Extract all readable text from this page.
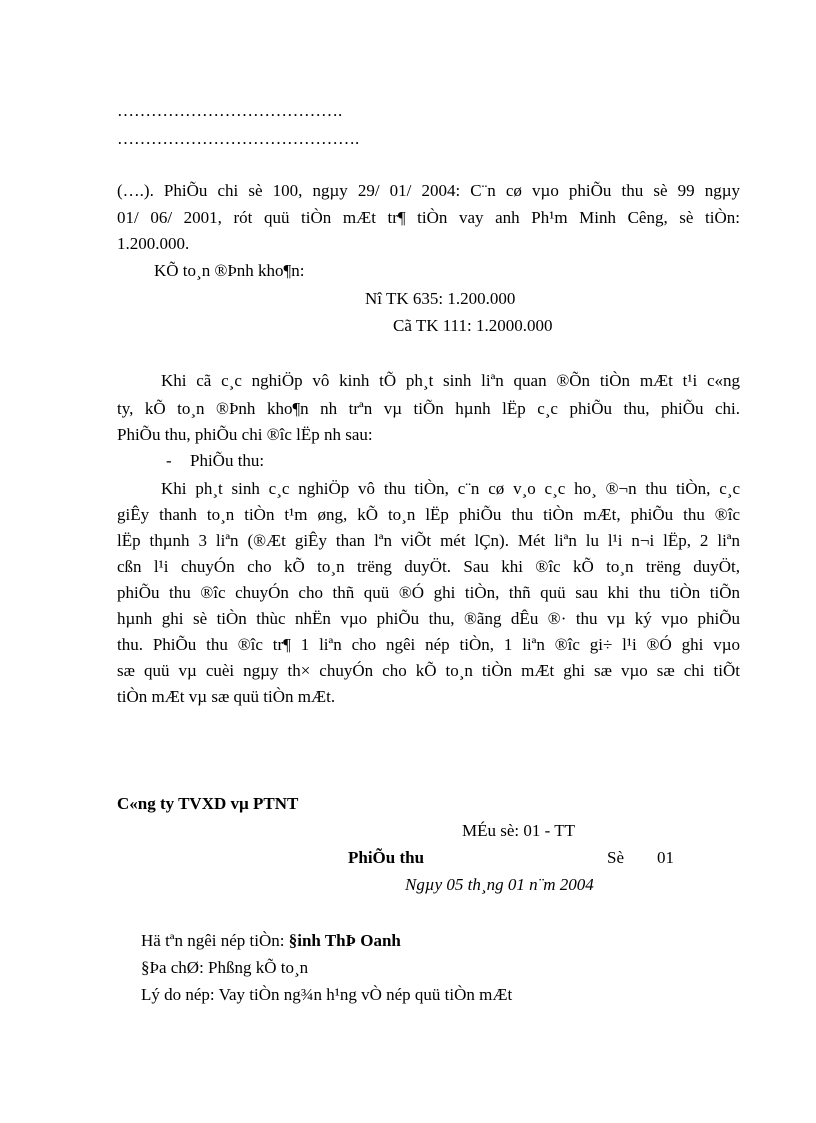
………………………………….
…………………………………….
(….). PhiÕu chi sè 100, ngµy 29/ 01/ 2004: C¨n cø vµo phiÕu thu sè 99 ngµy
01/ 06/ 2001, rót quü tiÒn mÆt tr¶ tiÒn vay anh Ph¹m Minh Cêng, sè tiÒn:
1.200.000.
KÕ to¸n ®Þnh kho¶n:
Nî TK 635: 1.200.000
Cã TK 111: 1.2000.000
Khi cã c¸c nghiÖp vô kinh tÕ ph¸t sinh liªn quan ®Õn tiÒn mÆt t¹i c«ng
ty, kÕ to¸n ®Þnh kho¶n nh trªn vµ tiÕn hµnh lËp c¸c phiÕu thu, phiÕu chi.
PhiÕu thu, phiÕu chi ®îc lËp nh sau:
- PhiÕu thu:
Khi ph¸t sinh c¸c nghiÖp vô thu tiÒn, c¨n cø v¸o c¸c ho¸ ®¬n thu tiÒn, c¸c
giÊy thanh to¸n tiÒn t¹m øng, kÕ to¸n lËp phiÕu thu tiÒn mÆt, phiÕu thu ®îc
lËp thµnh 3 liªn (®Æt giÊy than lªn viÕt mét lÇn). Mét liªn lu l¹i n¬i lËp, 2 liªn
cßn l¹i chuyÓn cho kÕ to¸n trëng duyÖt. Sau khi ®îc kÕ to¸n trëng duyÖt,
phiÕu thu ®îc chuyÓn cho thñ quü ®Ó ghi tiÒn, thñ quü sau khi thu tiÒn tiÕn
hµnh ghi sè tiÒn thùc nhËn vµo phiÕu thu, ®ãng dÊu ®· thu vµ ký vµo phiÕu
thu. PhiÕu thu ®îc tr¶ 1 liªn cho ngêi nép tiÒn, 1 liªn ®îc gi÷ l¹i ®Ó ghi vµo
sæ quü vµ cuèi ngµy th× chuyÓn cho kÕ to¸n tiÒn mÆt ghi sæ vµo sæ chi tiÕt
tiÒn mÆt vµ sæ quü tiÒn mÆt.
C«ng ty TVXD vµ PTNT
MÉu sè: 01 - TT
PhiÕu thu	Sè 01
Ngµy 05 th¸ng 01 n¨m 2004
Hä tªn ngêi nép tiÒn: §inh ThÞ Oanh
§Þa chØ: Phßng kÕ to¸n
Lý do nép: Vay tiÒn ng¾n h¹ng vÒ nép quü tiÒn mÆt
